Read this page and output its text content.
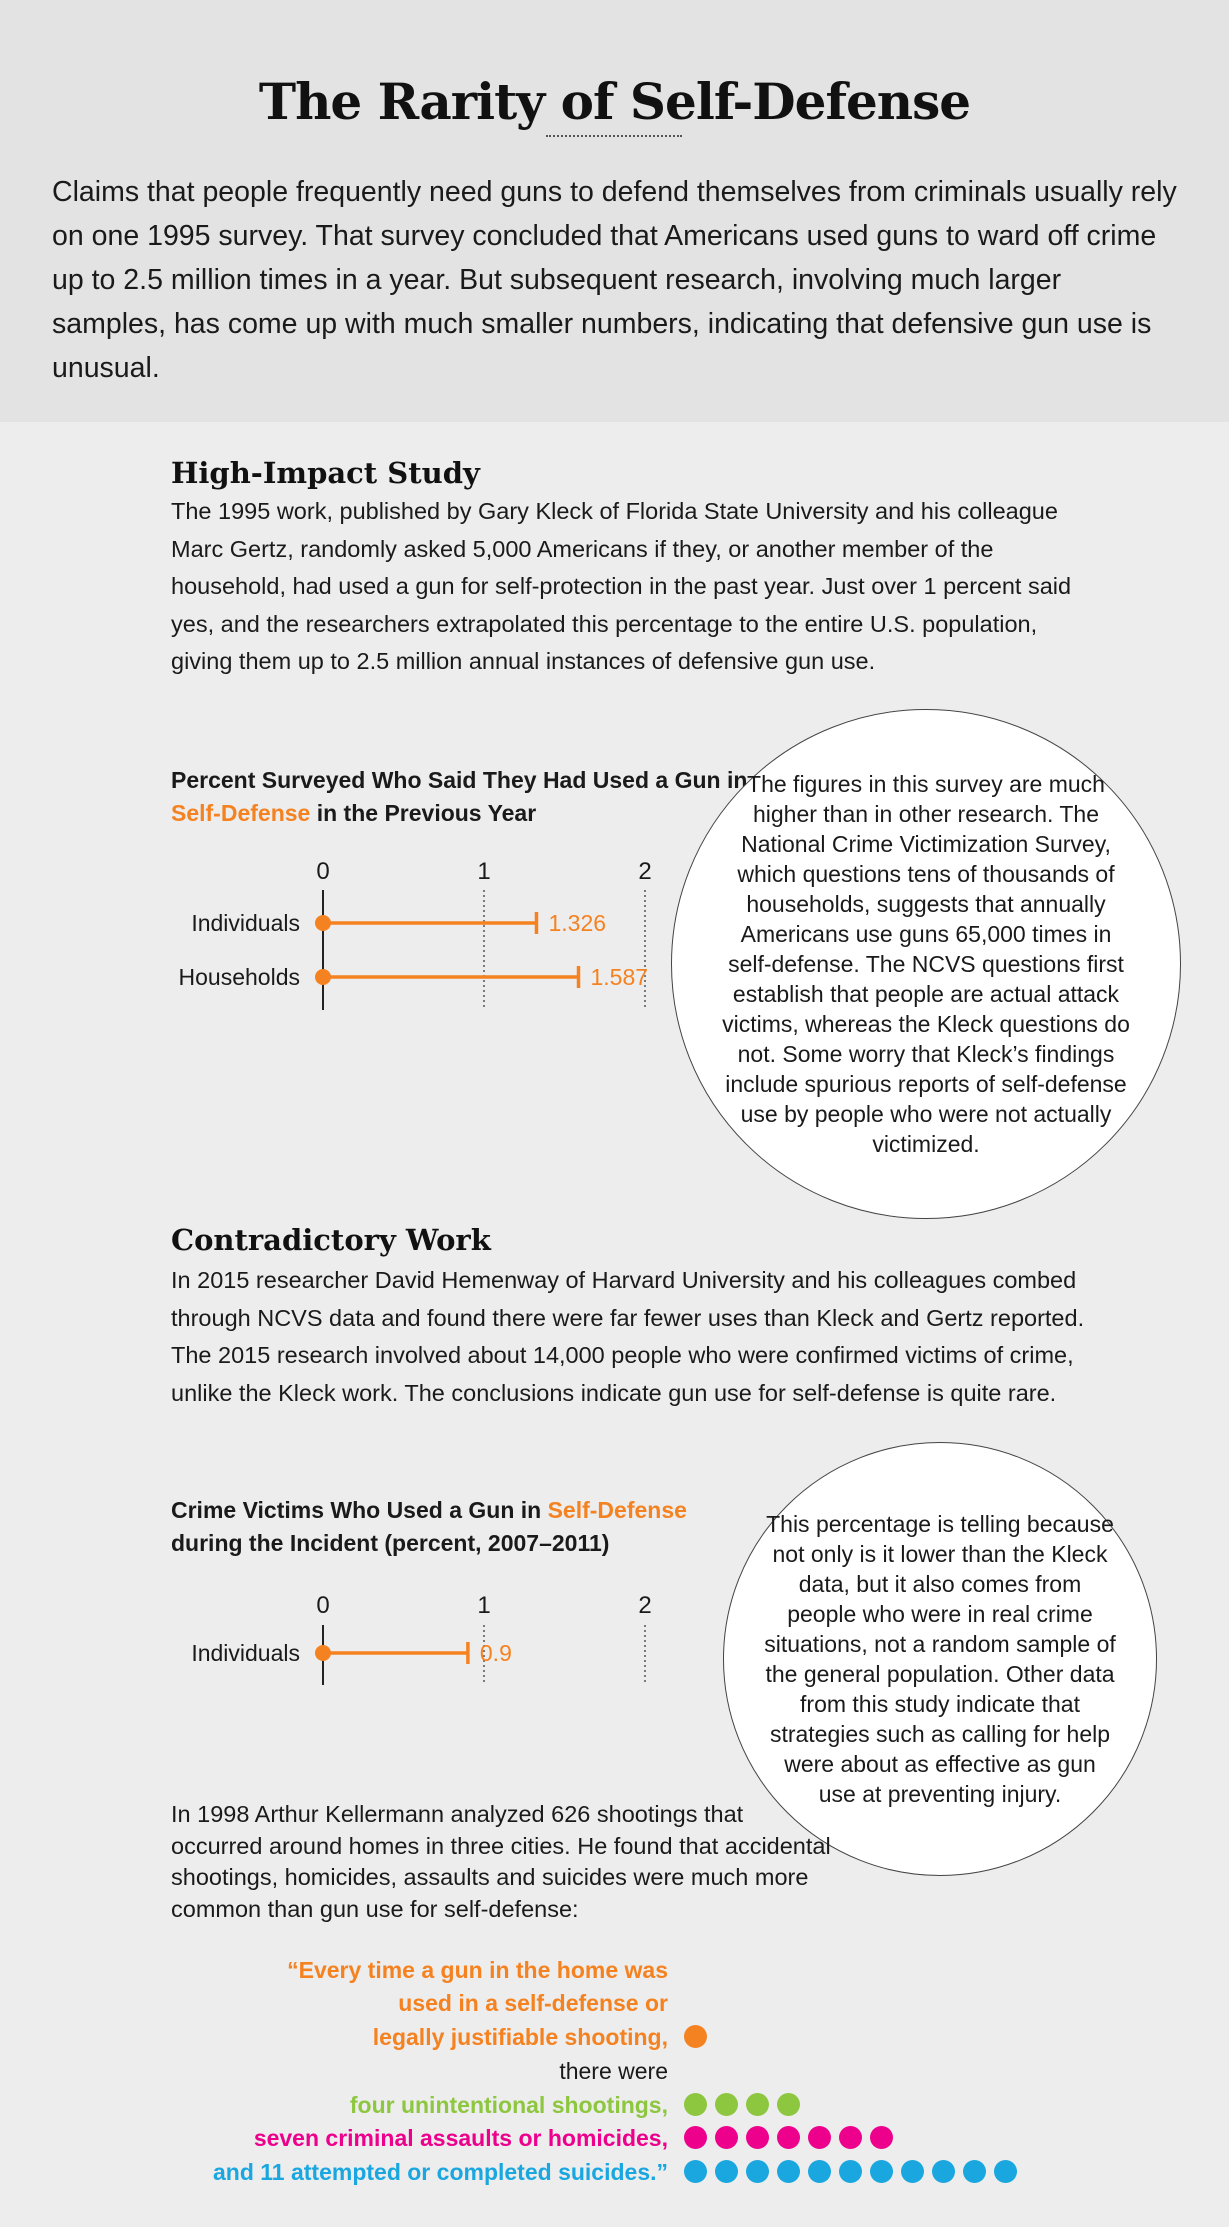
The Rarity of Self-Defense

Claims that people frequently need guns to defend themselves from criminals usually rely on one 1995 survey. That survey concluded that Americans used guns to ward off crime up to 2.5 million times in a year. But subsequent research, involving much larger samples, has come up with much smaller numbers, indicating that defensive gun use is unusual.

High-Impact Study

The 1995 work, published by Gary Kleck of Florida State University and his colleague Marc Gertz, randomly asked 5,000 Americans if they, or another member of the household, had used a gun for self-protection in the past year. Just over 1 percent said yes, and the researchers extrapolated this percentage to the entire U.S. population, giving them up to 2.5 million annual instances of defensive gun use.

Percent Surveyed Who Said They Had Used a Gun in Self-Defense in the Previous Year

0	1	2
Individuals	1.326
Households	1.587

The figures in this survey are much higher than in other research. The National Crime Victimization Survey, which questions tens of thousands of households, suggests that annually Americans use guns 65,000 times in self-defense. The NCVS questions first establish that people are actual attack victims, whereas the Kleck questions do not. Some worry that Kleck’s findings include spurious reports of self-defense use by people who were not actually victimized.

Contradictory Work

In 2015 researcher David Hemenway of Harvard University and his colleagues combed through NCVS data and found there were far fewer uses than Kleck and Gertz reported. The 2015 research involved about 14,000 people who were confirmed victims of crime, unlike the Kleck work. The conclusions indicate gun use for self-defense is quite rare.

Crime Victims Who Used a Gun in Self-Defense during the Incident (percent, 2007–2011)

0	1	2
Individuals	0.9

This percentage is telling because not only is it lower than the Kleck data, but it also comes from people who were in real crime situations, not a random sample of the general population. Other data from this study indicate that strategies such as calling for help were about as effective as gun use at preventing injury.

In 1998 Arthur Kellermann analyzed 626 shootings that occurred around homes in three cities. He found that accidental shootings, homicides, assaults and suicides were much more common than gun use for self-defense:

“Every time a gun in the home was

used in a self-defense or

legally justifiable shooting,

there were

four unintentional shootings,

seven criminal assaults or homicides,

and 11 attempted or completed suicides.”
